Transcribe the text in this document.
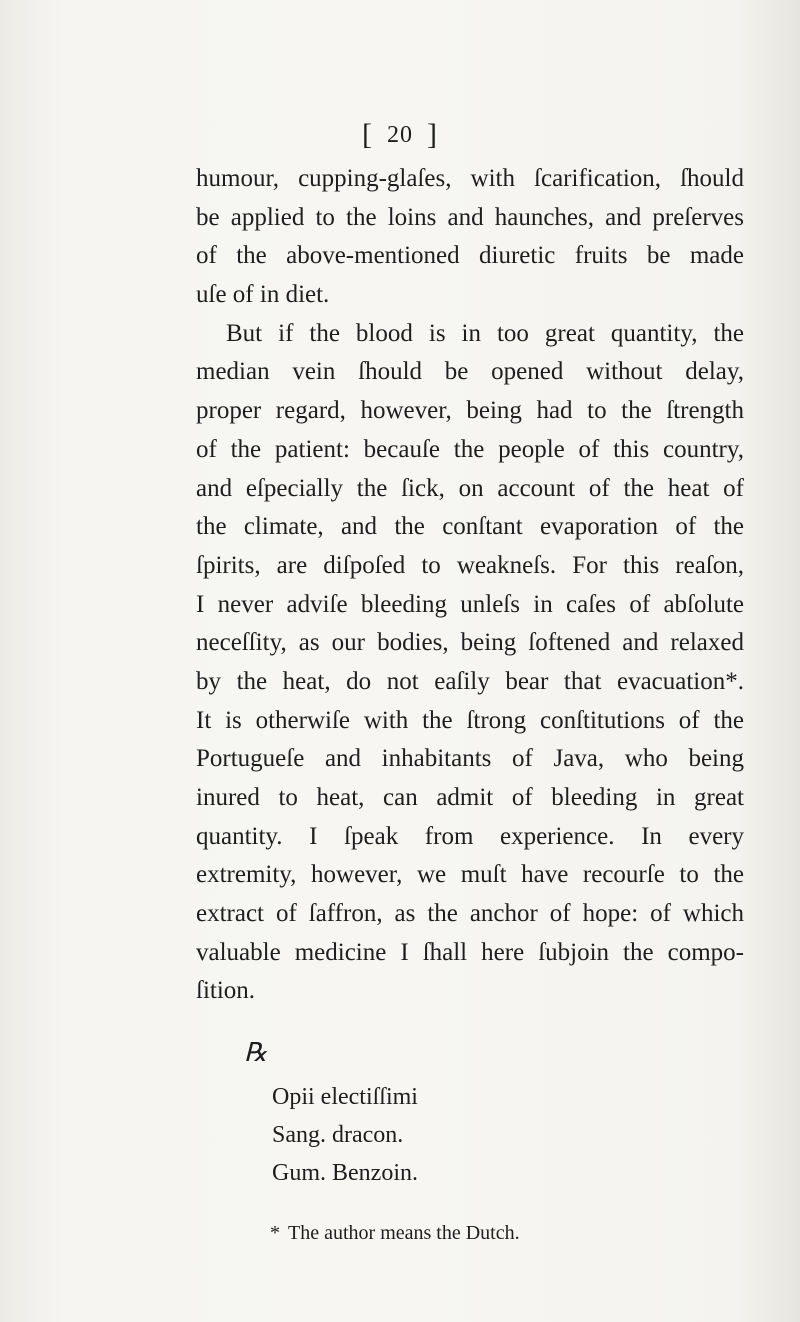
[ 20 ]
humour, cupping-glaſes, with ſcarification, ſhould
be applied to the loins and haunches, and preſerves
of the above-mentioned diuretic fruits be made
uſe of in diet.
But if the blood is in too great quantity, the
median vein ſhould be opened without delay,
proper regard, however, being had to the ſtrength
of the patient: becauſe the people of this country,
and eſpecially the ſick, on account of the heat of
the climate, and the conſtant evaporation of the
ſpirits, are diſpoſed to weakneſs. For this reaſon,
I never adviſe bleeding unleſs in caſes of abſolute
neceſſity, as our bodies, being ſoftened and relaxed
by the heat, do not eaſily bear that evacuation*.
It is otherwiſe with the ſtrong conſtitutions of the
Portugueſe and inhabitants of Java, who being
inured to heat, can admit of bleeding in great
quantity. I ſpeak from experience. In every
extremity, however, we muſt have recourſe to the
extract of ſaffron, as the anchor of hope: of which
valuable medicine I ſhall here ſubjoin the compo-
ſition.
℞
Opii electiſſimi
Sang. dracon.
Gum. Benzoin.
* The author means the Dutch.
